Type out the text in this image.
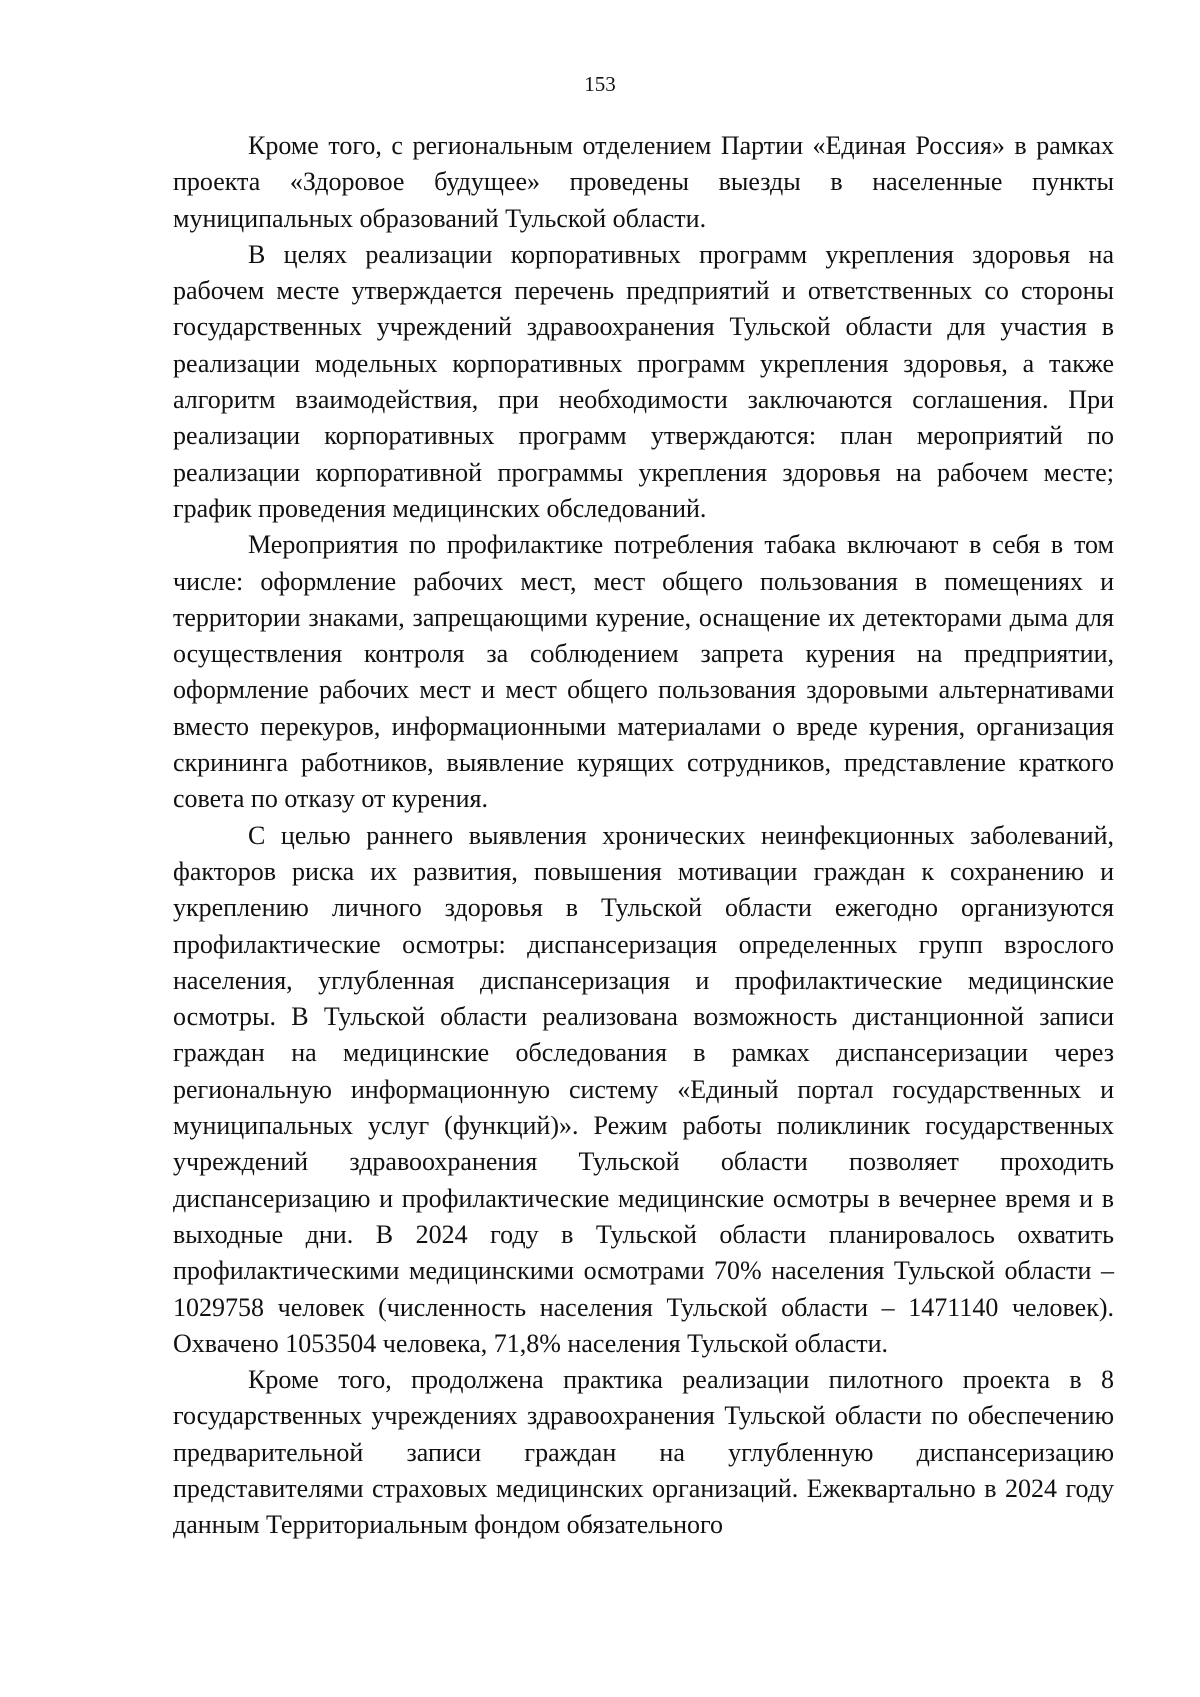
153

Кроме того, с региональным отделением Партии «Единая Россия» в рамках проекта «Здоровое будущее» проведены выезды в населенные пункты муниципальных образований Тульской области.

В целях реализации корпоративных программ укрепления здоровья на рабочем месте утверждается перечень предприятий и ответственных со стороны государственных учреждений здравоохранения Тульской области для участия в реализации модельных корпоративных программ укрепления здоровья, а также алгоритм взаимодействия, при необходимости заключаются соглашения. При реализации корпоративных программ утверждаются: план мероприятий по реализации корпоративной программы укрепления здоровья на рабочем месте; график проведения медицинских обследований.

Мероприятия по профилактике потребления табака включают в себя в том числе: оформление рабочих мест, мест общего пользования в помещениях и территории знаками, запрещающими курение, оснащение их детекторами дыма для осуществления контроля за соблюдением запрета курения на предприятии, оформление рабочих мест и мест общего пользования здоровыми альтернативами вместо перекуров, информационными материалами о вреде курения, организация скрининга работников, выявление курящих сотрудников, представление краткого совета по отказу от курения.

С целью раннего выявления хронических неинфекционных заболеваний, факторов риска их развития, повышения мотивации граждан к сохранению и укреплению личного здоровья в Тульской области ежегодно организуются профилактические осмотры: диспансеризация определенных групп взрослого населения, углубленная диспансеризация и профилактические медицинские осмотры. В Тульской области реализована возможность дистанционной записи граждан на медицинские обследования в рамках диспансеризации через региональную информационную систему «Единый портал государственных и муниципальных услуг (функций)». Режим работы поликлиник государственных учреждений здравоохранения Тульской области позволяет проходить диспансеризацию и профилактические медицинские осмотры в вечернее время и в выходные дни. В 2024 году в Тульской области планировалось охватить профилактическими медицинскими осмотрами 70% населения Тульской области – 1029758 человек (численность населения Тульской области – 1471140 человек). Охвачено 1053504 человека, 71,8% населения Тульской области.

Кроме того, продолжена практика реализации пилотного проекта в 8 государственных учреждениях здравоохранения Тульской области по обеспечению предварительной записи граждан на углубленную диспансеризацию представителями страховых медицинских организаций. Ежеквартально в 2024 году данным Территориальным фондом обязательного
